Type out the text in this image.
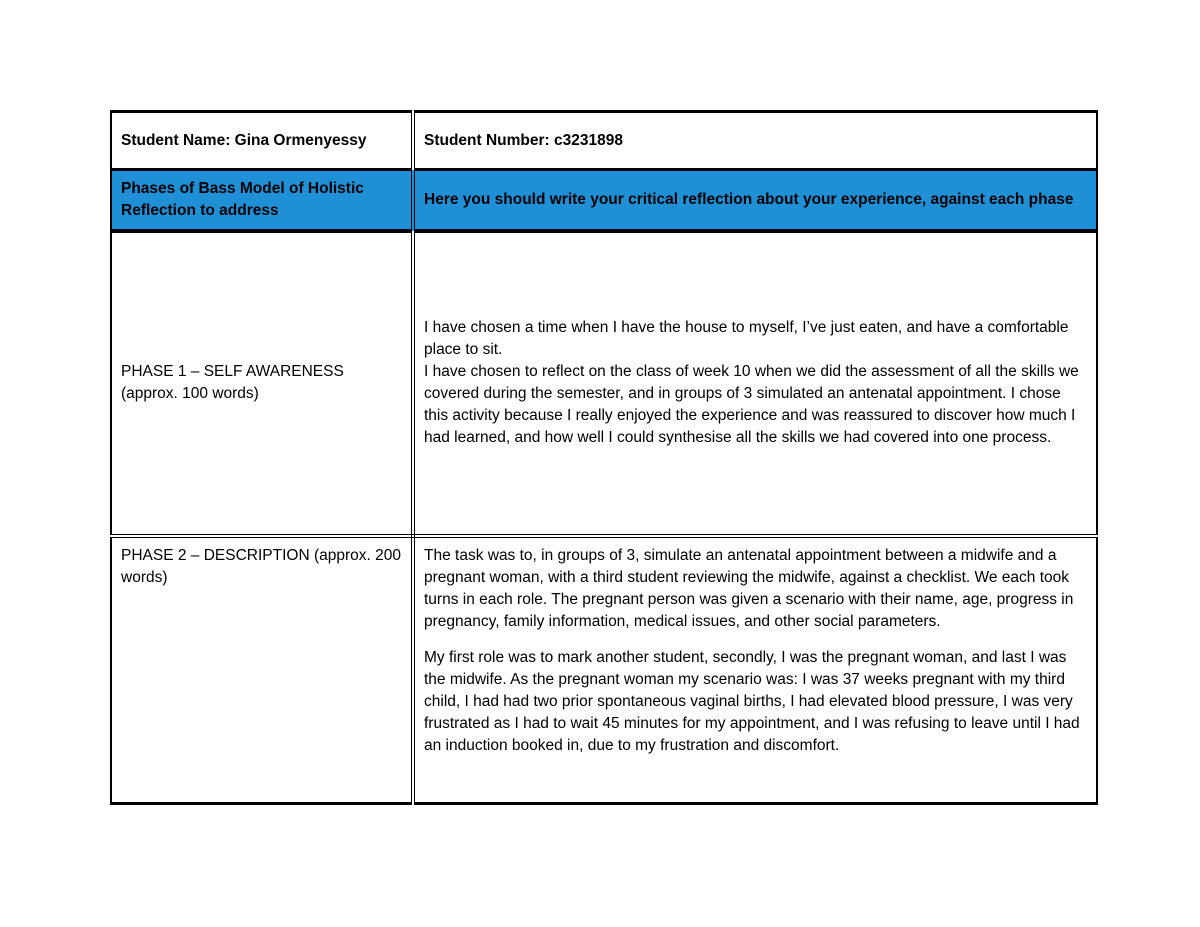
Student Name: Gina Ormenyessy	Student Number: c3231898
Phases of Bass Model of Holistic Reflection to address	Here you should write your critical reflection about your experience, against each phase
PHASE 1 – SELF AWARENESS (approx. 100 words)	I have chosen a time when I have the house to myself, I’ve just eaten, and have a comfortable place to sit.
I have chosen to reflect on the class of week 10 when we did the assessment of all the skills we covered during the semester, and in groups of 3 simulated an antenatal appointment. I chose this activity because I really enjoyed the experience and was reassured to discover how much I had learned, and how well I could synthesise all the skills we had covered into one process.
PHASE 2 – DESCRIPTION (approx. 200 words)	The task was to, in groups of 3, simulate an antenatal appointment between a midwife and a pregnant woman, with a third student reviewing the midwife, against a checklist. We each took turns in each role. The pregnant person was given a scenario with their name, age, progress in pregnancy, family information, medical issues, and other social parameters.

My first role was to mark another student, secondly, I was the pregnant woman, and last I was the midwife. As the pregnant woman my scenario was: I was 37 weeks pregnant with my third child, I had had two prior spontaneous vaginal births, I had elevated blood pressure, I was very frustrated as I had to wait 45 minutes for my appointment, and I was refusing to leave until I had an induction booked in, due to my frustration and discomfort.
